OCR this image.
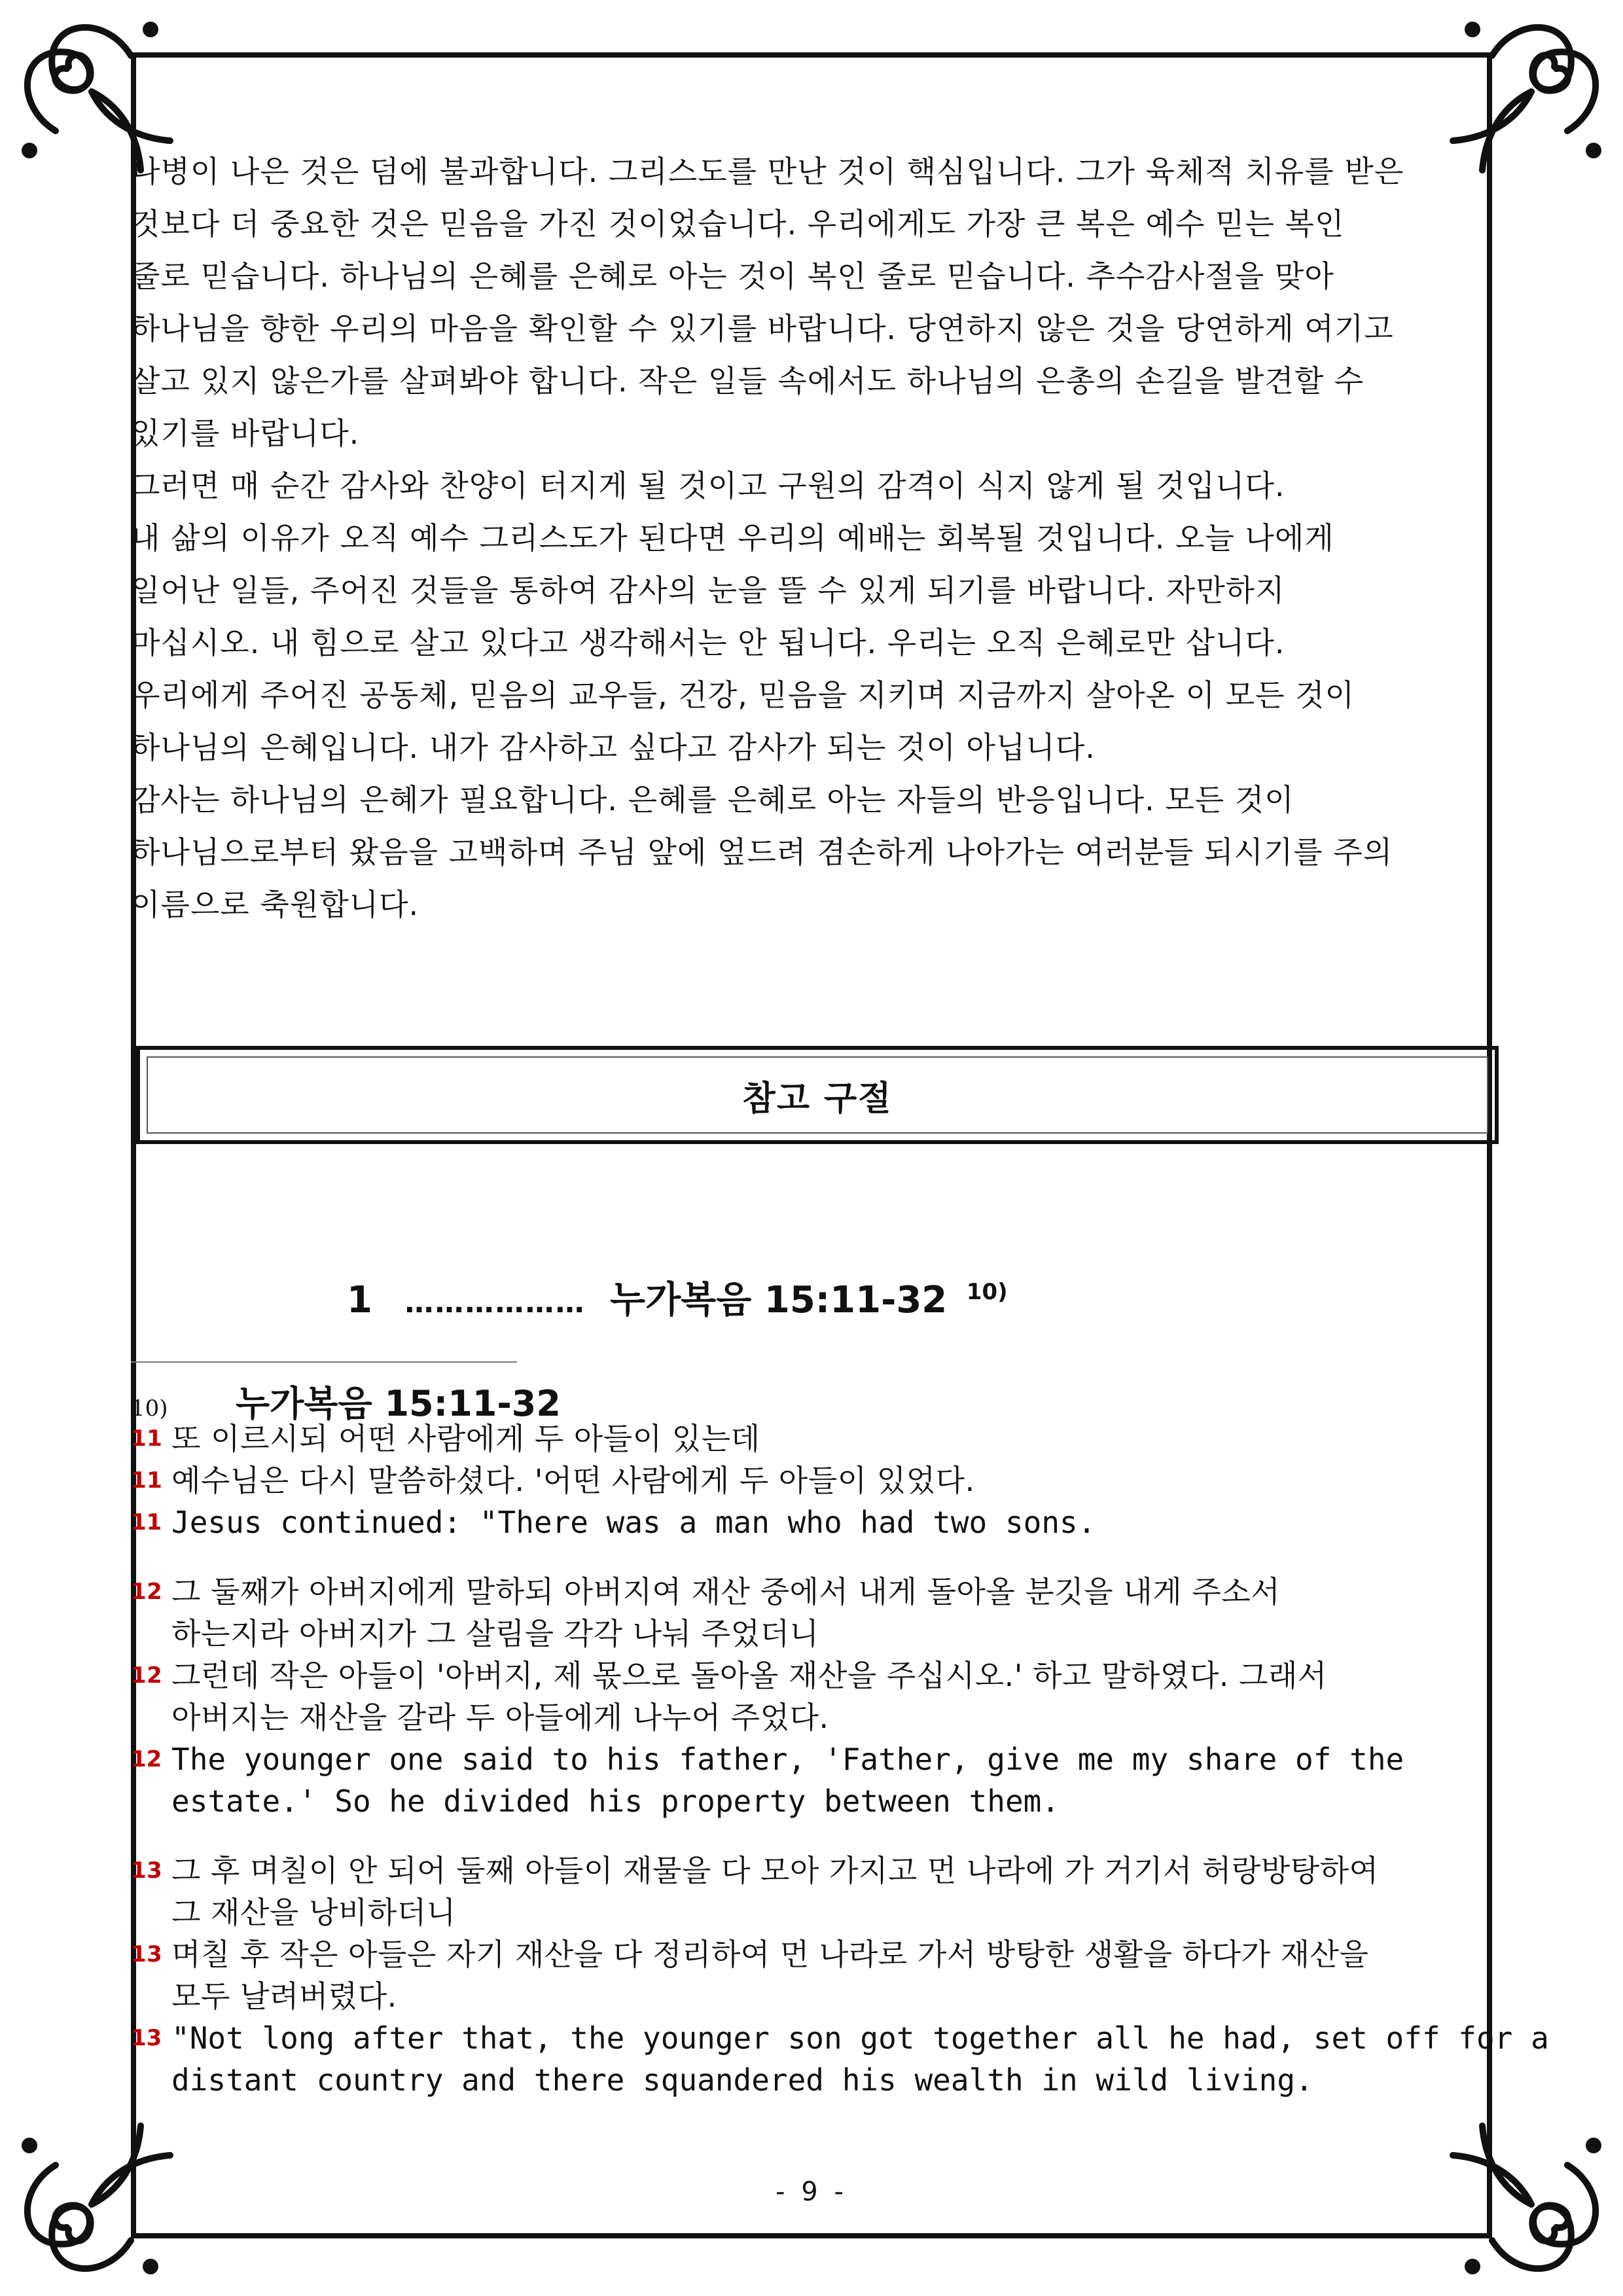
나병이 나은 것은 덤에 불과합니다. 그리스도를 만난 것이 핵심입니다. 그가 육체적 치유를 받은
것보다 더 중요한 것은 믿음을 가진 것이었습니다. 우리에게도 가장 큰 복은 예수 믿는 복인
줄로 믿습니다. 하나님의 은혜를 은혜로 아는 것이 복인 줄로 믿습니다. 추수감사절을 맞아
하나님을 향한 우리의 마음을 확인할 수 있기를 바랍니다. 당연하지 않은 것을 당연하게 여기고
살고 있지 않은가를 살펴봐야 합니다. 작은 일들 속에서도 하나님의 은총의 손길을 발견할 수
있기를 바랍니다.
그러면 매 순간 감사와 찬양이 터지게 될 것이고 구원의 감격이 식지 않게 될 것입니다.
내 삶의 이유가 오직 예수 그리스도가 된다면 우리의 예배는 회복될 것입니다. 오늘 나에게
일어난 일들, 주어진 것들을 통하여 감사의 눈을 뜰 수 있게 되기를 바랍니다. 자만하지
마십시오. 내 힘으로 살고 있다고 생각해서는 안 됩니다. 우리는 오직 은혜로만 삽니다.
우리에게 주어진 공동체, 믿음의 교우들, 건강, 믿음을 지키며 지금까지 살아온 이 모든 것이
하나님의 은혜입니다. 내가 감사하고 싶다고 감사가 되는 것이 아닙니다.
감사는 하나님의 은혜가 필요합니다. 은혜를 은혜로 아는 자들의 반응입니다. 모든 것이
하나님으로부터 왔음을 고백하며 주님 앞에 엎드려 겸손하게 나아가는 여러분들 되시기를 주의
이름으로 축원합니다.
참고 구절
1 ……………… 누가복음 15:11-32 $^{10)}$
10) 누가복음 15:11-32
11 또 이르시되 어떤 사람에게 두 아들이 있는데
11 예수님은 다시 말씀하셨다. '어떤 사람에게 두 아들이 있었다.
11 Jesus continued: "There was a man who had two sons.
12 그 둘째가 아버지에게 말하되 아버지여 재산 중에서 내게 돌아올 분깃을 내게 주소서
하는지라 아버지가 그 살림을 각각 나눠 주었더니
12 그런데 작은 아들이 '아버지, 제 몫으로 돌아올 재산을 주십시오.' 하고 말하였다. 그래서
아버지는 재산을 갈라 두 아들에게 나누어 주었다.
12 The younger one said to his father, 'Father, give me my share of the
estate.' So he divided his property between them.
13 그 후 며칠이 안 되어 둘째 아들이 재물을 다 모아 가지고 먼 나라에 가 거기서 허랑방탕하여
그 재산을 낭비하더니
13 며칠 후 작은 아들은 자기 재산을 다 정리하여 먼 나라로 가서 방탕한 생활을 하다가 재산을
모두 날려버렸다.
13 "Not long after that, the younger son got together all he had, set off for a
distant country and there squandered his wealth in wild living.
- 9 -
